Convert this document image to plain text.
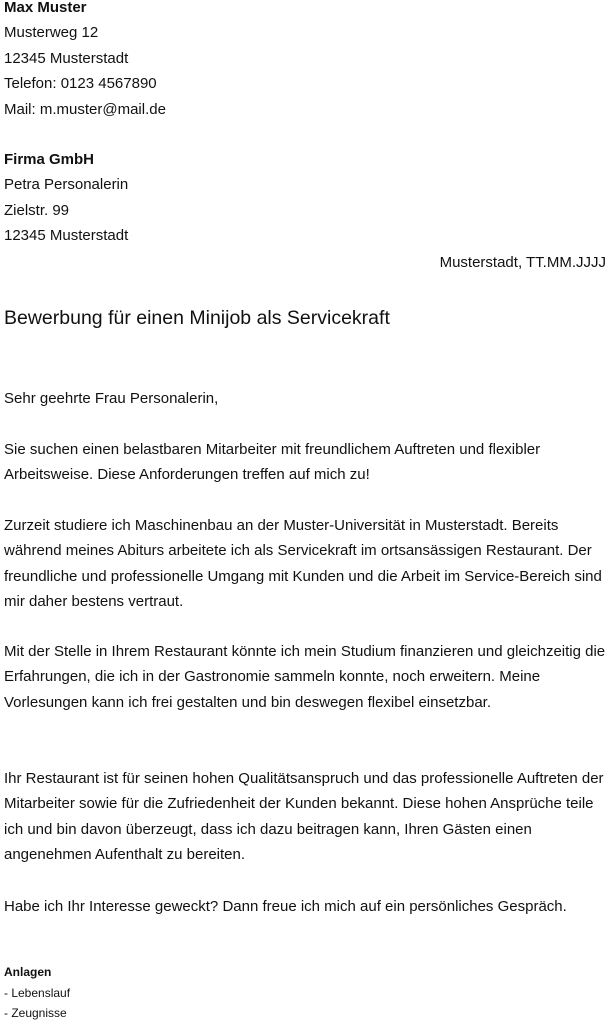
Max Muster
Musterweg 12
12345 Musterstadt
Telefon: 0123 4567890
Mail: m.muster@mail.de
Firma GmbH
Petra Personalerin
Zielstr. 99
12345 Musterstadt
Musterstadt, TT.MM.JJJJ
Bewerbung für einen Minijob als Servicekraft

Sehr geehrte Frau Personalerin,

Sie suchen einen belastbaren Mitarbeiter mit freundlichem Auftreten und flexibler Arbeitsweise. Diese Anforderungen treffen auf mich zu!

Zurzeit studiere ich Maschinenbau an der Muster-Universität in Musterstadt. Bereits während meines Abiturs arbeitete ich als Servicekraft im ortsansässigen Restaurant. Der freundliche und professionelle Umgang mit Kunden und die Arbeit im Service-Bereich sind mir daher bestens vertraut.

Mit der Stelle in Ihrem Restaurant könnte ich mein Studium finanzieren und gleichzeitig die Erfahrungen, die ich in der Gastronomie sammeln konnte, noch erweitern. Meine Vorlesungen kann ich frei gestalten und bin deswegen flexibel einsetzbar.

Ihr Restaurant ist für seinen hohen Qualitätsanspruch und das professionelle Auftreten der Mitarbeiter sowie für die Zufriedenheit der Kunden bekannt. Diese hohen Ansprüche teile ich und bin davon überzeugt, dass ich dazu beitragen kann, Ihren Gästen einen angenehmen Aufenthalt zu bereiten.

Habe ich Ihr Interesse geweckt? Dann freue ich mich auf ein persönliches Gespräch.

Anlagen
- Lebenslauf
- Zeugnisse
